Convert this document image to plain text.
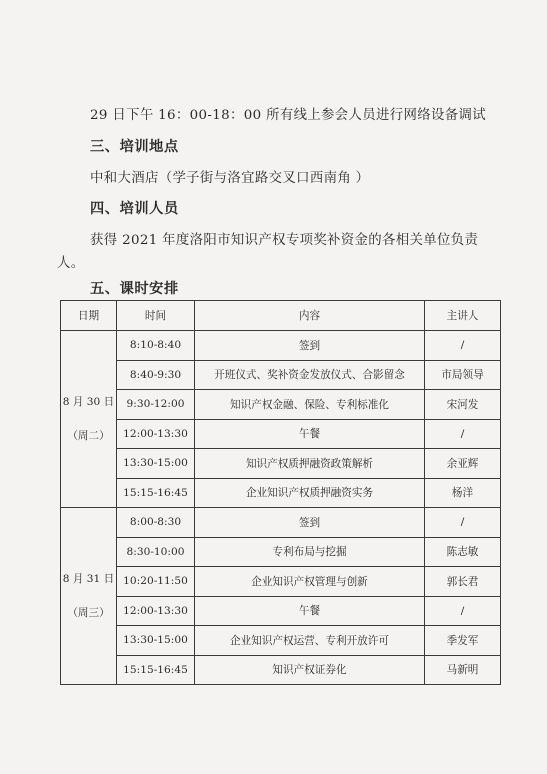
29 日下午 16：00-18：00 所有线上参会人员进行网络设备调试
三、培训地点
中和大酒店（学子街与洛宜路交叉口西南角 ）
四、培训人员
获得 2021 年度洛阳市知识产权专项奖补资金的各相关单位负责
人。
五、课时安排
日期	时间	内容	主讲人

8 月 30 日
（周二）	8:10-8:40	签到	/
	8:40-9:30	开班仪式、奖补资金发放仪式、合影留念	市局领导
	9:30-12:00	知识产权金融、保险、专利标准化	宋河发
	12:00-13:30	午餐	/
	13:30-15:00	知识产权质押融资政策解析	余亚辉
	15:15-16:45	企业知识产权质押融资实务	杨洋

8 月 31 日
（周三）	8:00-8:30	签到	/
	8:30-10:00	专利布局与挖掘	陈志敏
	10:20-11:50	企业知识产权管理与创新	郭长君
	12:00-13:30	午餐	/
	13:30-15:00	企业知识产权运营、专利开放许可	季发军
	15:15-16:45	知识产权证券化	马新明
